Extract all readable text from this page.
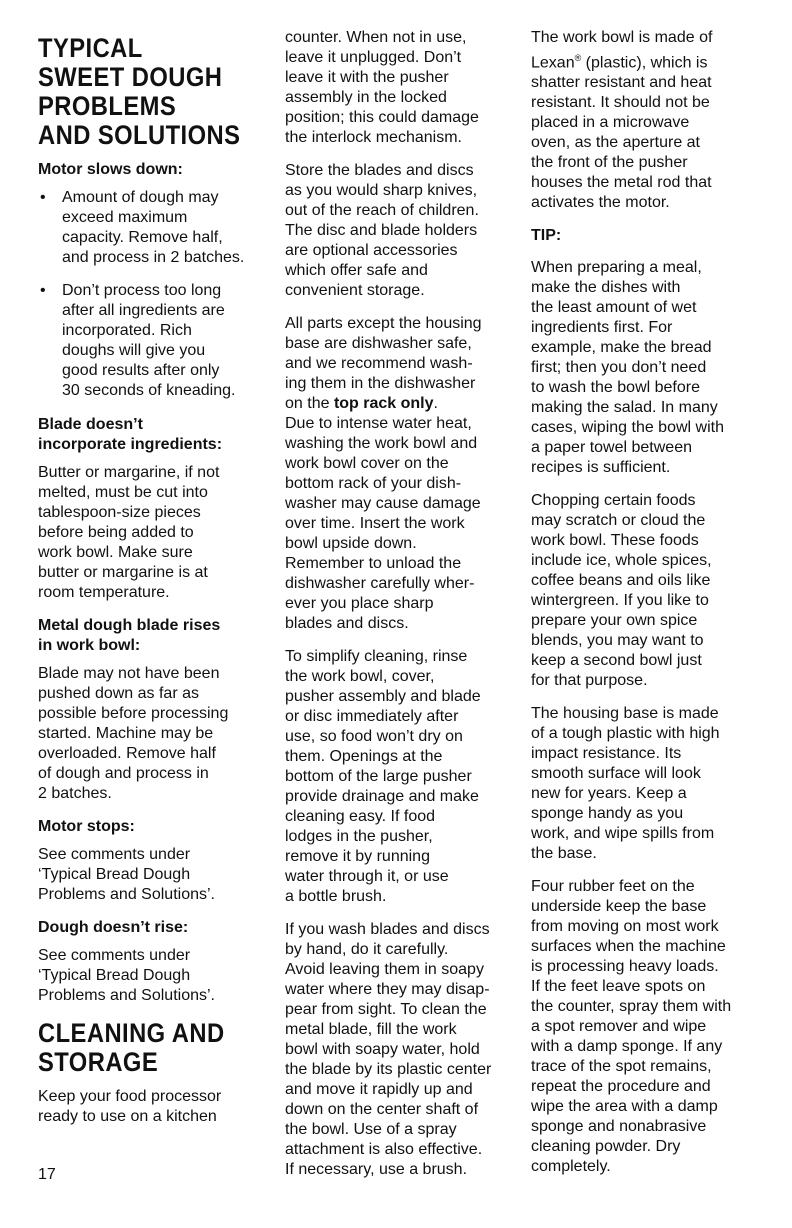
TYPICAL
SWEET DOUGH
PROBLEMS
AND SOLUTIONS
Motor slows down:
• Amount of dough may
exceed maximum
capacity. Remove half,
and process in 2 batches.
• Don’t process too long
after all ingredients are
incorporated. Rich
doughs will give you
good results after only
30 seconds of kneading.
Blade doesn’t
incorporate ingredients:

Butter or margarine, if not
melted, must be cut into
tablespoon-size pieces
before being added to
work bowl. Make sure
butter or margarine is at
room temperature.

Metal dough blade rises
in work bowl:

Blade may not have been
pushed down as far as
possible before processing
started. Machine may be
overloaded. Remove half
of dough and process in
2 batches.

Motor stops:

See comments under
‘Typical Bread Dough
Problems and Solutions’.

Dough doesn’t rise:

See comments under
‘Typical Bread Dough
Problems and Solutions’.

CLEANING AND
STORAGE

Keep your food processor
ready to use on a kitchen

17

counter. When not in use,
leave it unplugged. Don’t
leave it with the pusher
assembly in the locked
position; this could damage
the interlock mechanism.

Store the blades and discs
as you would sharp knives,
out of the reach of children.
The disc and blade holders
are optional accessories
which offer safe and
convenient storage.

All parts except the housing
base are dishwasher safe,
and we recommend wash-
ing them in the dishwasher
on the top rack only.
Due to intense water heat,
washing the work bowl and
work bowl cover on the
bottom rack of your dish-
washer may cause damage
over time. Insert the work
bowl upside down.
Remember to unload the
dishwasher carefully wher-
ever you place sharp
blades and discs.

To simplify cleaning, rinse
the work bowl, cover,
pusher assembly and blade
or disc immediately after
use, so food won’t dry on
them. Openings at the
bottom of the large pusher
provide drainage and make
cleaning easy. If food
lodges in the pusher,
remove it by running
water through it, or use
a bottle brush.

If you wash blades and discs
by hand, do it carefully.
Avoid leaving them in soapy
water where they may disap-
pear from sight. To clean the
metal blade, fill the work
bowl with soapy water, hold
the blade by its plastic center
and move it rapidly up and
down on the center shaft of
the bowl. Use of a spray
attachment is also effective.
If necessary, use a brush.

The work bowl is made of
Lexan® (plastic), which is
shatter resistant and heat
resistant. It should not be
placed in a microwave
oven, as the aperture at
the front of the pusher
houses the metal rod that
activates the motor.

TIP:

When preparing a meal,
make the dishes with
the least amount of wet
ingredients first. For
example, make the bread
first; then you don’t need
to wash the bowl before
making the salad. In many
cases, wiping the bowl with
a paper towel between
recipes is sufficient.

Chopping certain foods
may scratch or cloud the
work bowl. These foods
include ice, whole spices,
coffee beans and oils like
wintergreen. If you like to
prepare your own spice
blends, you may want to
keep a second bowl just
for that purpose.

The housing base is made
of a tough plastic with high
impact resistance. Its
smooth surface will look
new for years. Keep a
sponge handy as you
work, and wipe spills from
the base.

Four rubber feet on the
underside keep the base
from moving on most work
surfaces when the machine
is processing heavy loads.
If the feet leave spots on
the counter, spray them with
a spot remover and wipe
with a damp sponge. If any
trace of the spot remains,
repeat the procedure and
wipe the area with a damp
sponge and nonabrasive
cleaning powder. Dry
completely.
